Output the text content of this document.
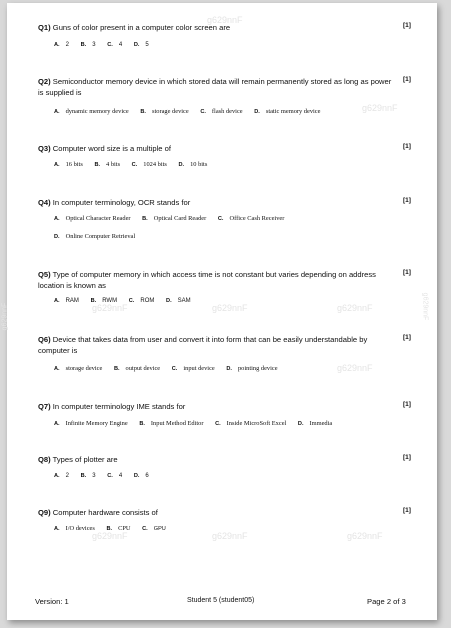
g629nnF
g629nnF
g629nnF	g629nnF	g629nnF
g629nnF
g629nnF	g629nnF	g629nnF
g629nnF	g629nnF
Q1) Guns of color present in a computer color screen are	[1]
A. 2 B. 3 C. 4 D. 5
Q2) Semiconductor memory device in which stored data will remain permanently stored as long as power is supplied is
[1]
A. dynamic memory device B. storage device C. flash device D. static memory device
Q3) Computer word size is a multiple of	[1]
A. 16 bits B. 4 bits C. 1024 bits D. 10 bits
Q4) In computer terminology, OCR stands for	[1]
A. Optical Character Reader B. Optical Card Reader C. Office Cash Receiver
D. Online Computer Retrieval
Q5) Type of computer memory in which access time is not constant but varies depending on address location is known as
[1]
A. RAM B. RWM C. ROM D. SAM
Q6) Device that takes data from user and convert it into form that can be easily understandable by computer is
[1]
A. storage device B. output device C. input device D. pointing device
Q7) In computer terminology IME stands for	[1]
A. Infinite Memory Engine B. Input Method Editor C. Inside MicroSoft Excel D. Immedia
Q8) Types of plotter are	[1]
A. 2 B. 3 C. 4 D. 6
Q9) Computer hardware consists of	[1]
A. I/O devices B. CPU C. GPU
Version: 1	Student 5 (student05)	Page 2 of 3
